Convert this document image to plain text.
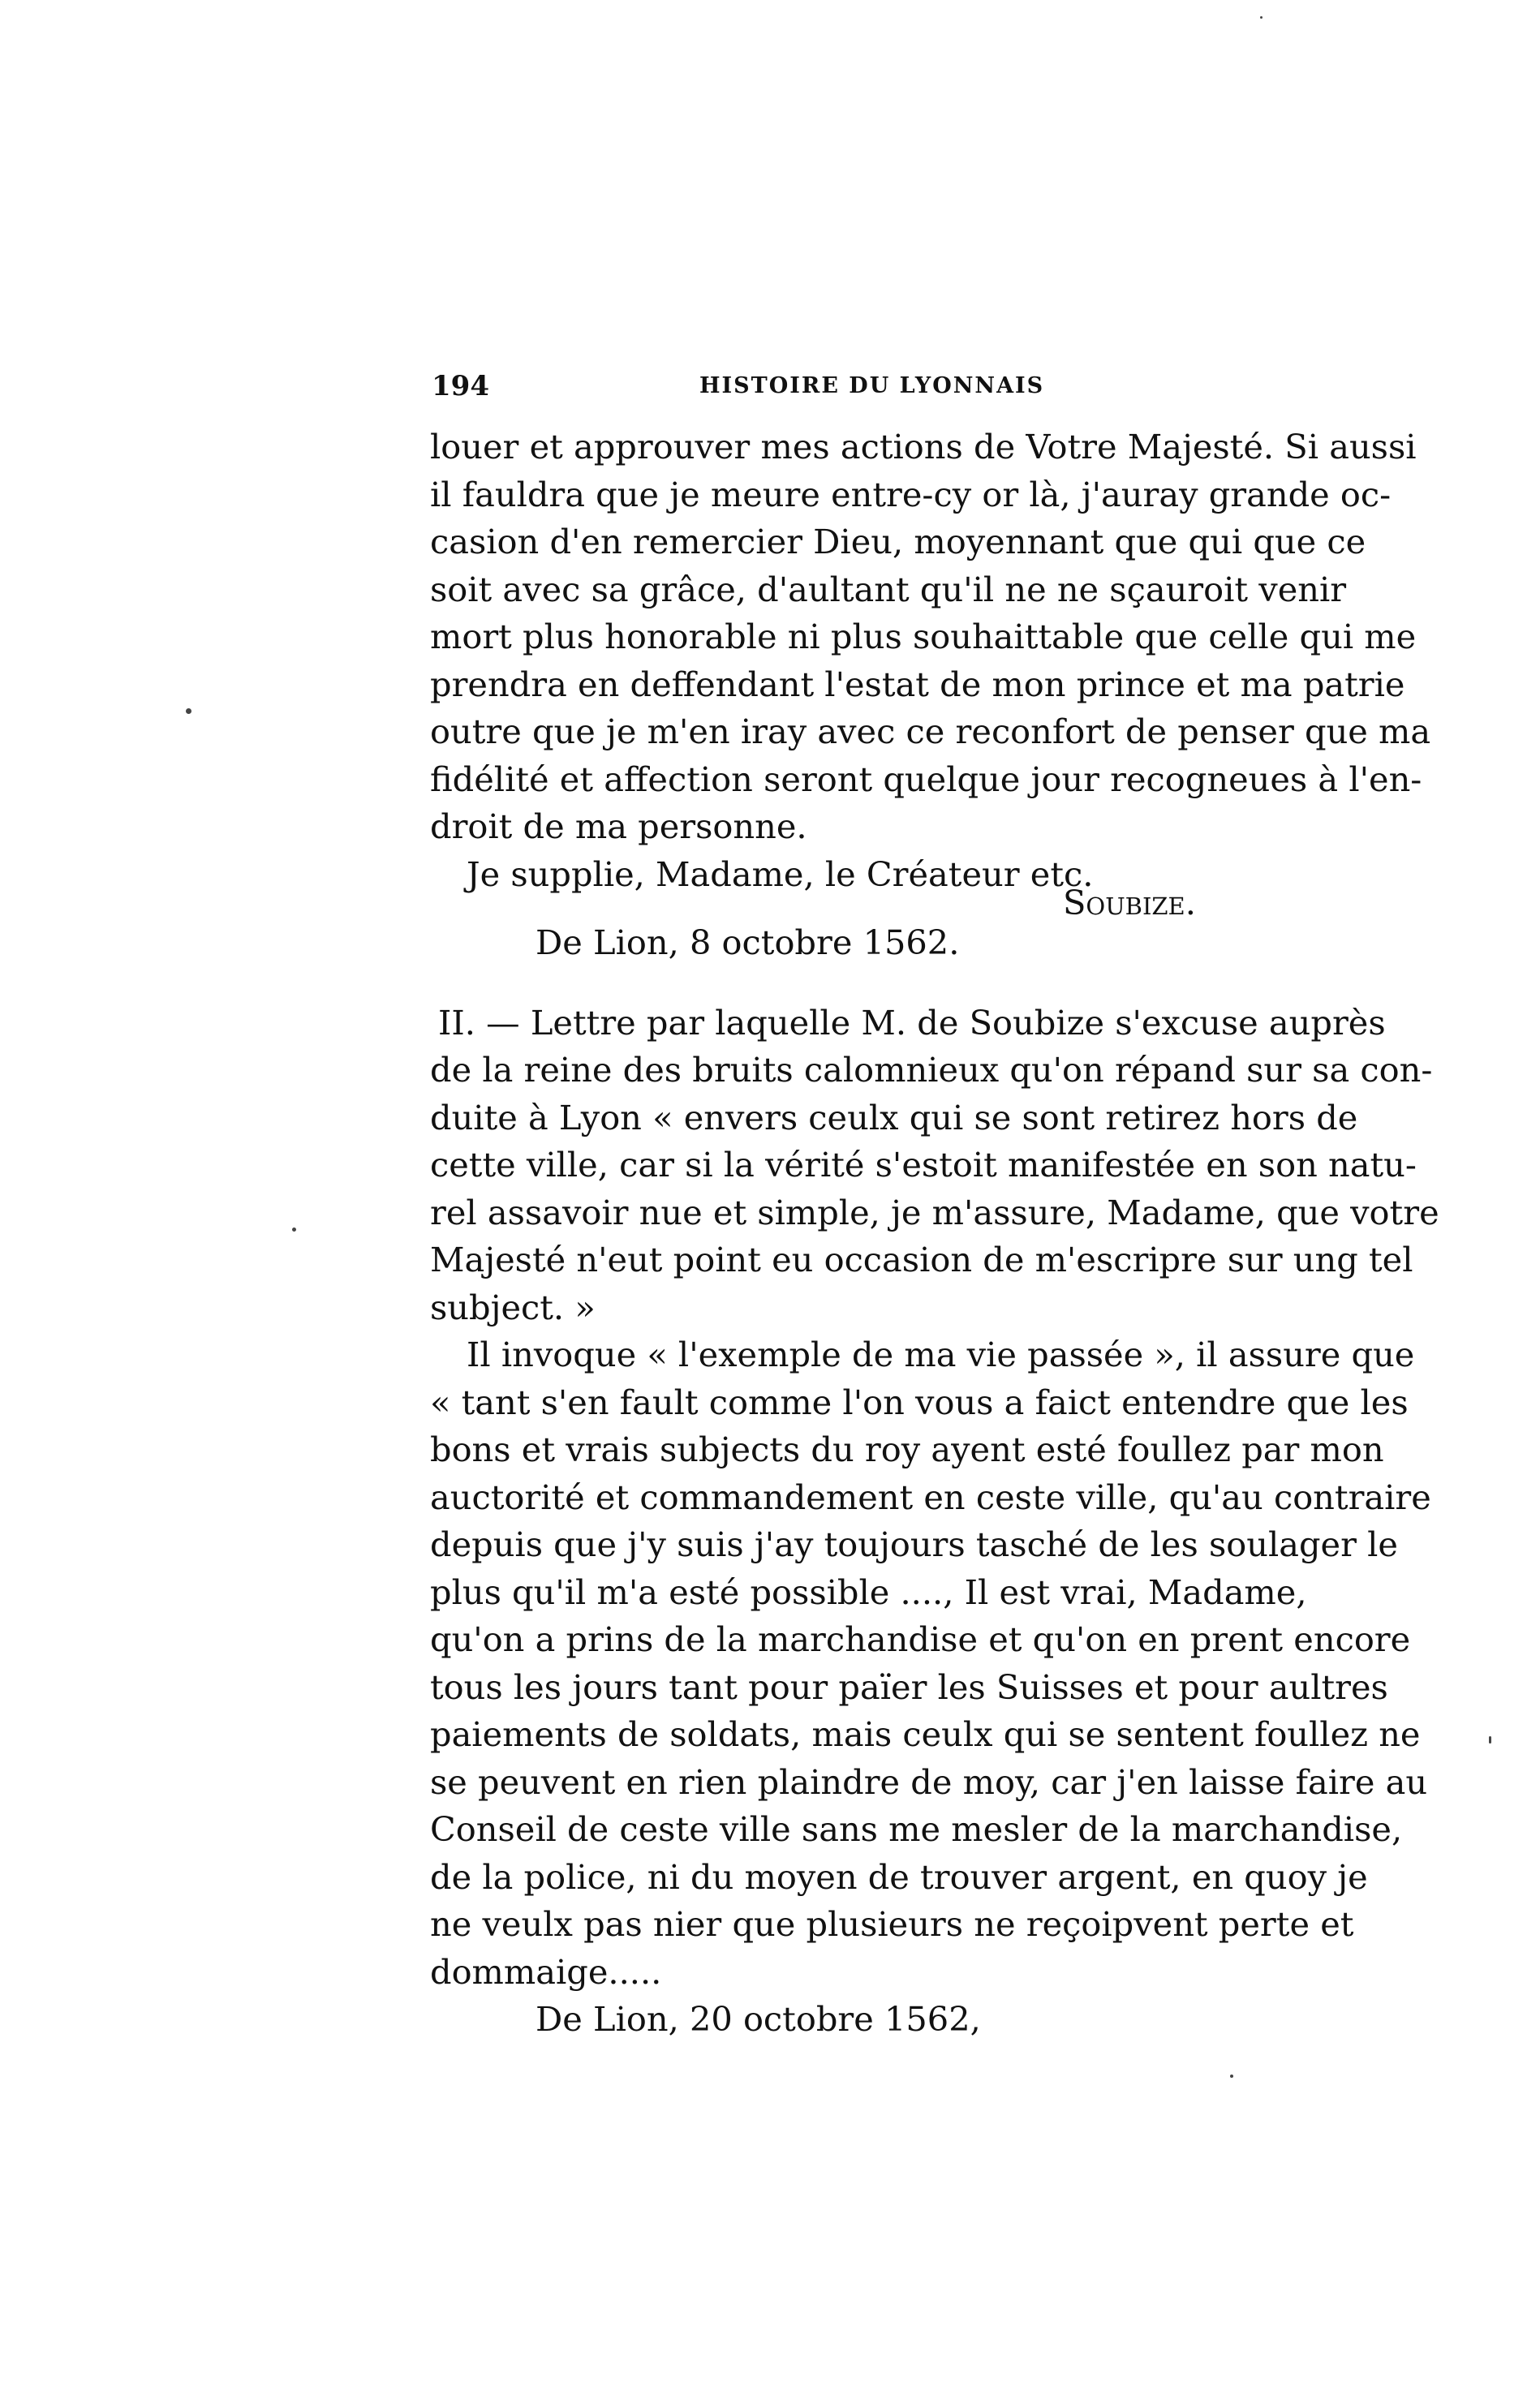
194	HISTOIRE DU LYONNAIS
louer et approuver mes actions de Votre Majesté. Si aussi
il fauldra que je meure entre-cy or là, j'auray grande oc-
casion d'en remercier Dieu, moyennant que qui que ce
soit avec sa grâce, d'aultant qu'il ne ne sçauroit venir
mort plus honorable ni plus souhaittable que celle qui me
prendra en deffendant l'estat de mon prince et ma patrie
outre que je m'en iray avec ce reconfort de penser que ma
fidélité et affection seront quelque jour recogneues à l'en-
droit de ma personne.
Je supplie, Madame, le Créateur etc.
Soubize.
De Lion, 8 octobre 1562.
II. — Lettre par laquelle M. de Soubize s'excuse auprès
de la reine des bruits calomnieux qu'on répand sur sa con-
duite à Lyon « envers ceulx qui se sont retirez hors de
cette ville, car si la vérité s'estoit manifestée en son natu-
rel assavoir nue et simple, je m'assure, Madame, que votre
Majesté n'eut point eu occasion de m'escripre sur ung tel
subject. »
Il invoque « l'exemple de ma vie passée », il assure que
« tant s'en fault comme l'on vous a faict entendre que les
bons et vrais subjects du roy ayent esté foullez par mon
auctorité et commandement en ceste ville, qu'au contraire
depuis que j'y suis j'ay toujours tasché de les soulager le
plus qu'il m'a esté possible ...., Il est vrai, Madame,
qu'on a prins de la marchandise et qu'on en prent encore
tous les jours tant pour païer les Suisses et pour aultres
paiements de soldats, mais ceulx qui se sentent foullez ne
se peuvent en rien plaindre de moy, car j'en laisse faire au
Conseil de ceste ville sans me mesler de la marchandise,
de la police, ni du moyen de trouver argent, en quoy je
ne veulx pas nier que plusieurs ne reçoipvent perte et
dommaige.....
De Lion, 20 octobre 1562,
